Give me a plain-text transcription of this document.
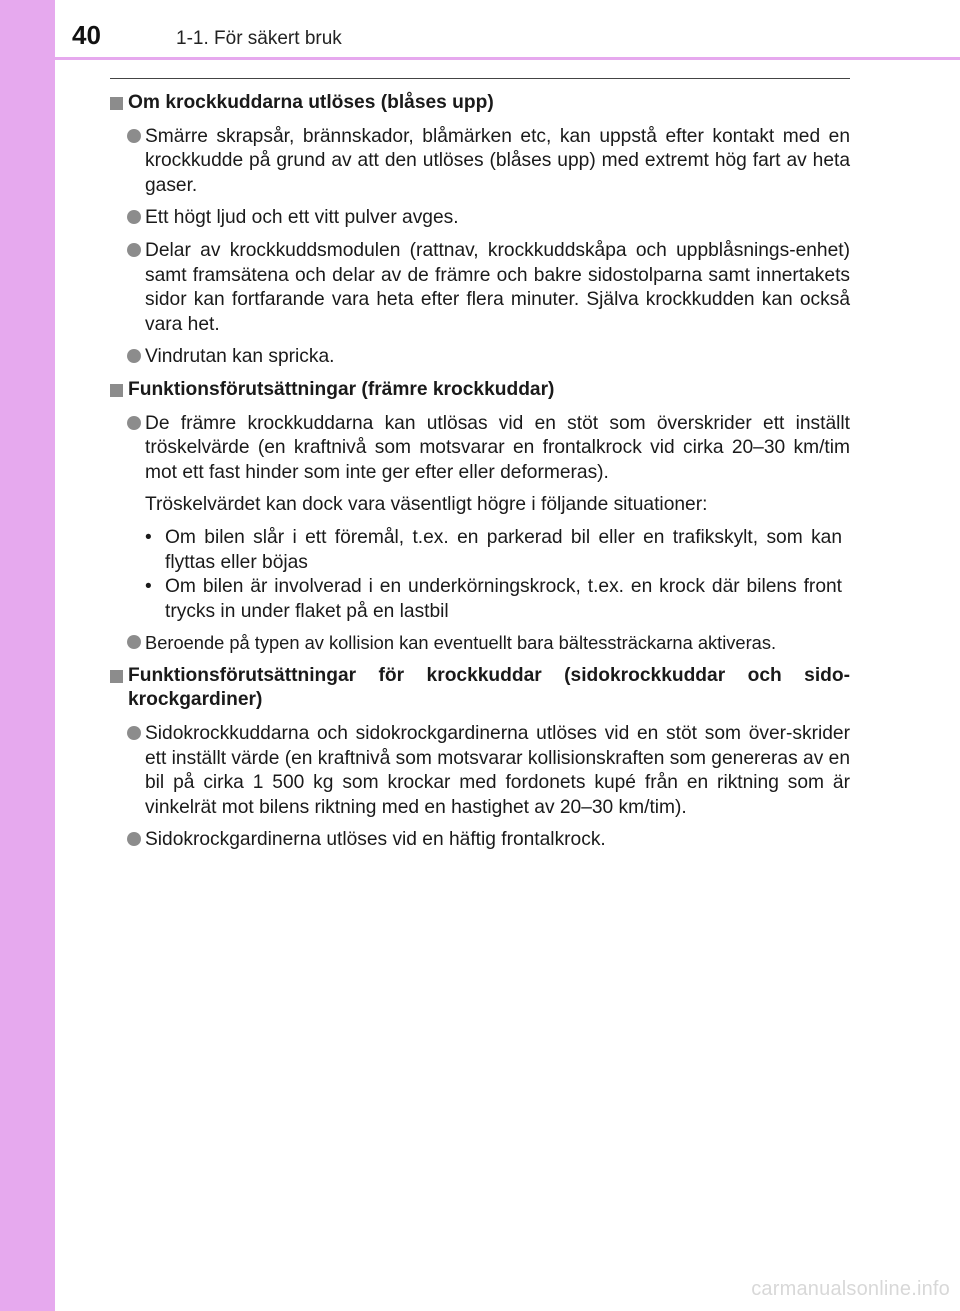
40	1-1. För säkert bruk
Om krockkuddarna utlöses (blåses upp)
Smärre skrapsår, brännskador, blåmärken etc, kan uppstå efter kontakt med en krockkudde på grund av att den utlöses (blåses upp) med extremt hög fart av heta gaser.
Ett högt ljud och ett vitt pulver avges.
Delar av krockkuddsmodulen (rattnav, krockkuddskåpa och uppblåsnings-enhet) samt framsätena och delar av de främre och bakre sidostolparna samt innertakets sidor kan fortfarande vara heta efter flera minuter. Själva krockkudden kan också vara het.
Vindrutan kan spricka.
Funktionsförutsättningar (främre krockkuddar)
De främre krockkuddarna kan utlösas vid en stöt som överskrider ett inställt tröskelvärde (en kraftnivå som motsvarar en frontalkrock vid cirka 20–30 km/tim mot ett fast hinder som inte ger efter eller deformeras).
Tröskelvärdet kan dock vara väsentligt högre i följande situationer:
• Om bilen slår i ett föremål, t.ex. en parkerad bil eller en trafikskylt, som kan flyttas eller böjas
• Om bilen är involverad i en underkörningskrock, t.ex. en krock där bilens front trycks in under flaket på en lastbil
Beroende på typen av kollision kan eventuellt bara bältessträckarna aktiveras.
Funktionsförutsättningar för krockkuddar (sidokrockkuddar och sido-krockgardiner)
Sidokrockkuddarna och sidokrockgardinerna utlöses vid en stöt som över-skrider ett inställt värde (en kraftnivå som motsvarar kollisionskraften som genereras av en bil på cirka 1 500 kg som krockar med fordonets kupé från en riktning som är vinkelrät mot bilens riktning med en hastighet av 20–30 km/tim).
Sidokrockgardinerna utlöses vid en häftig frontalkrock.
carmanualsonline.info
